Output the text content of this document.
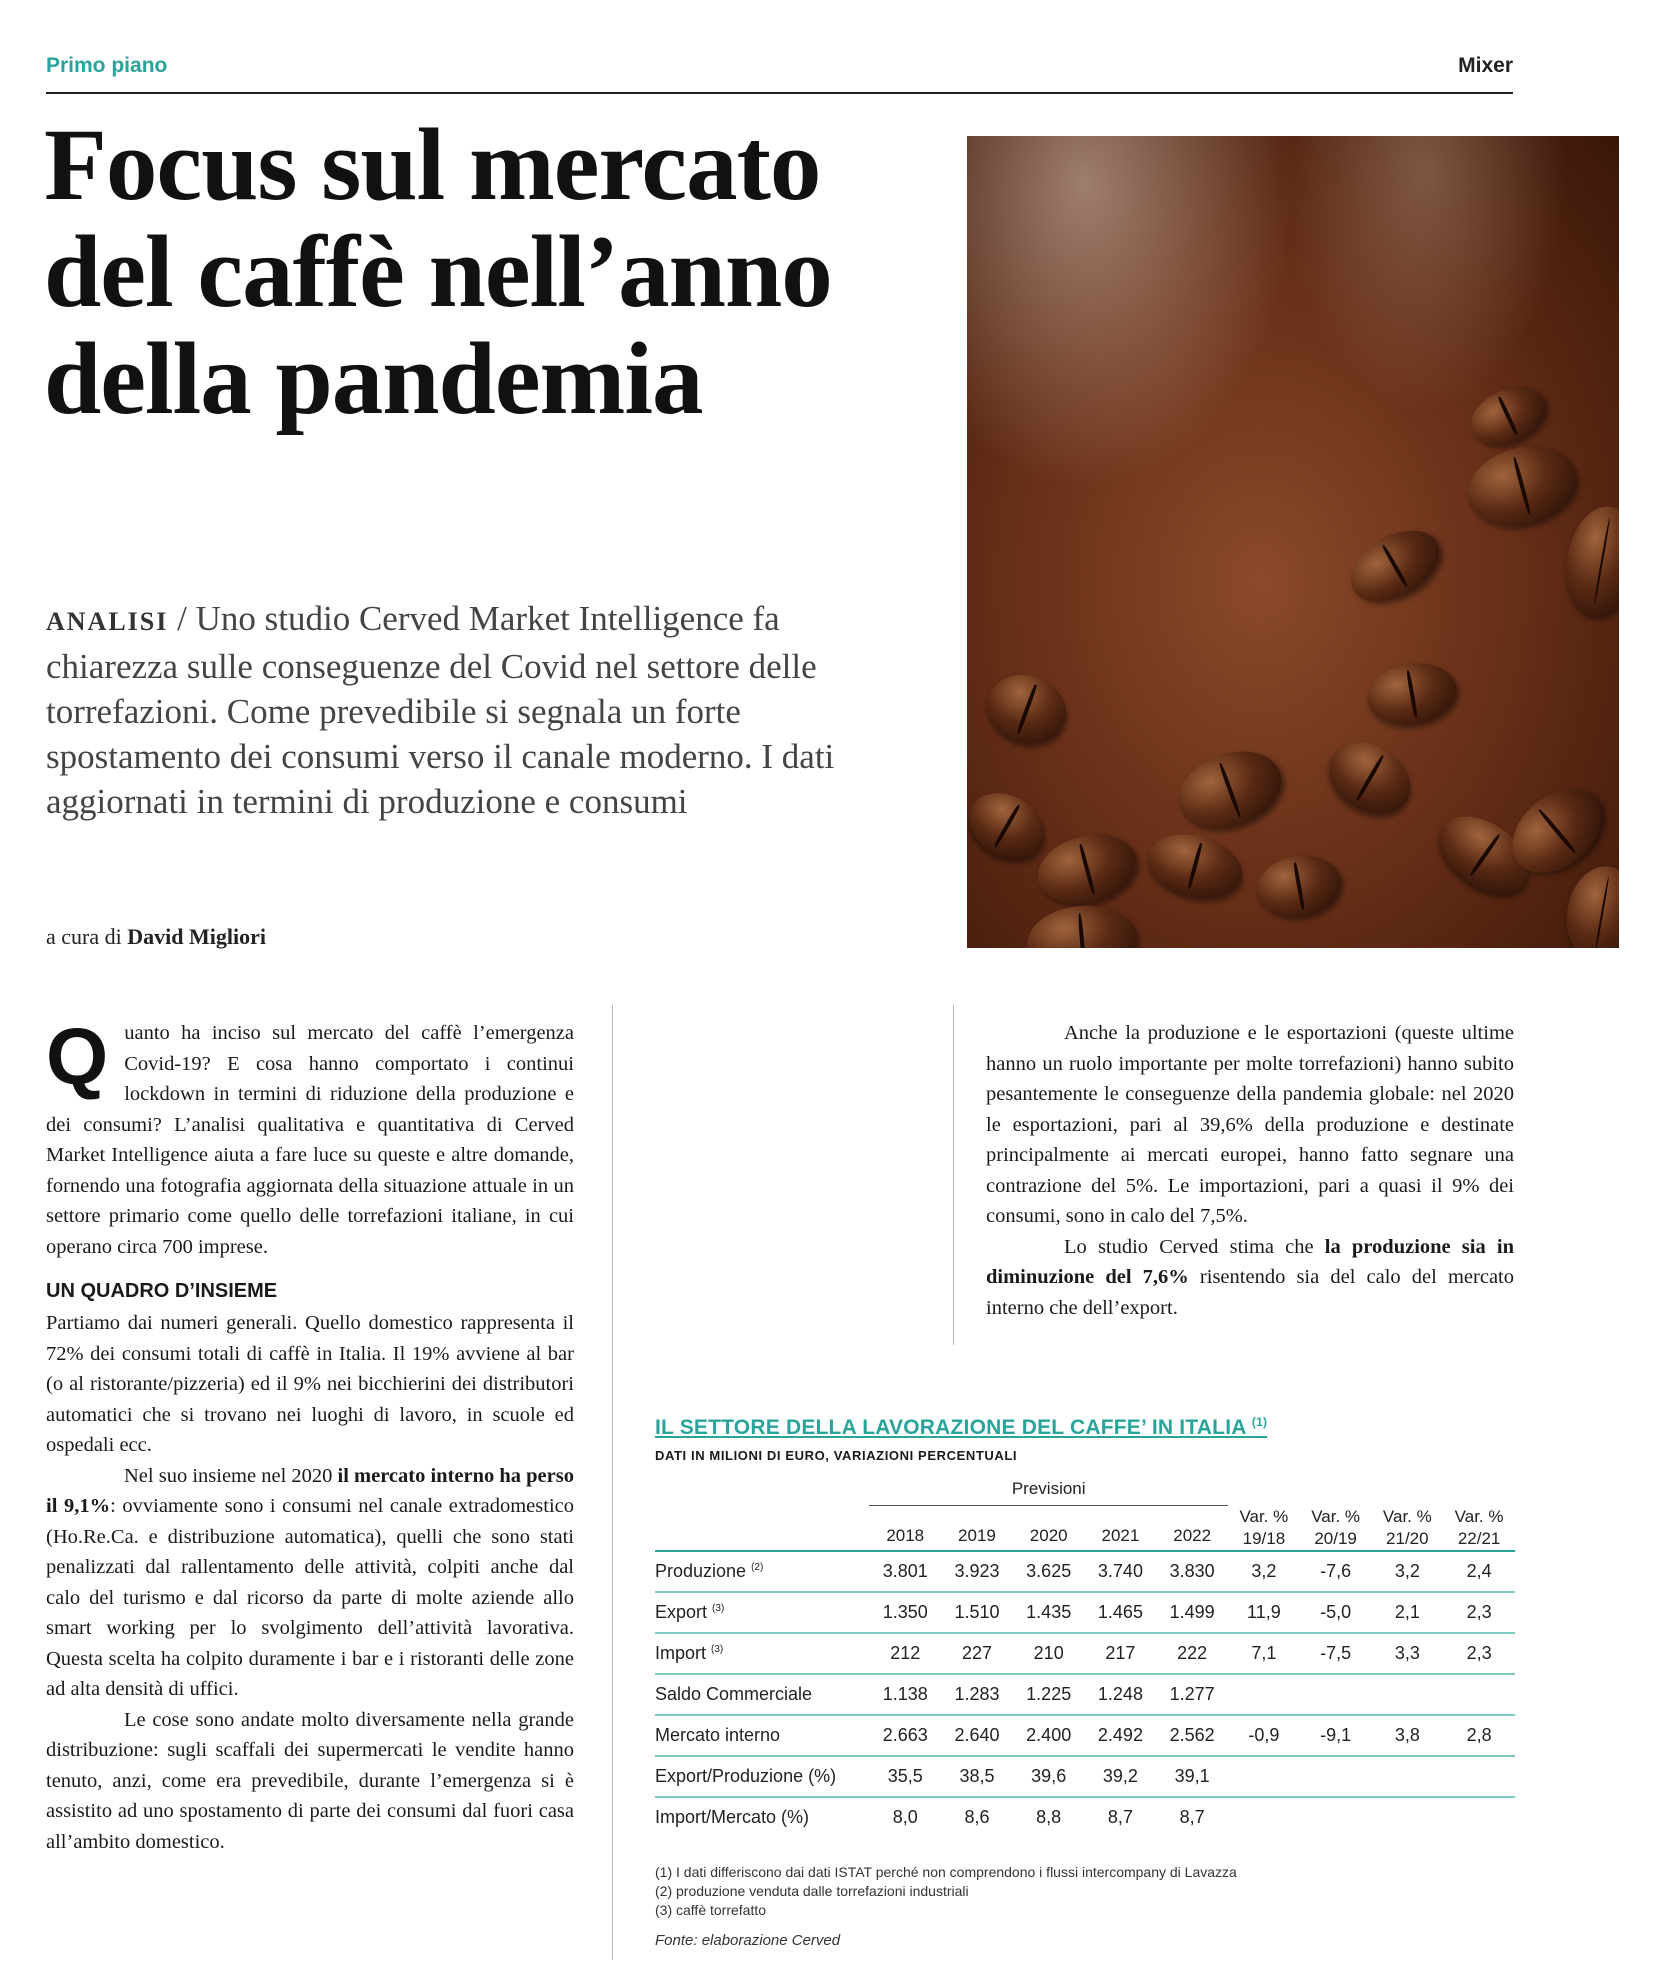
Primo piano	Mixer
Focus sul mercato del caffè nell’anno della pandemia

ANALISI / Uno studio Cerved Market Intelligence fa chiarezza sulle conseguenze del Covid nel settore delle torrefazioni. Come prevedibile si segnala un forte spostamento dei consumi verso il canale moderno. I dati aggiornati in termini di produzione e consumi

a cura di David Migliori
Q uanto ha inciso sul mercato del caffè l’emergenza Covid-19? E cosa hanno comportato i continui lockdown in termini di riduzione della produzione e dei consumi? L’analisi qualitativa e quantitativa di Cerved Market Intelligence aiuta a fare luce su queste e altre domande, fornendo una fotografia aggiornata della situazione attuale in un settore primario come quello delle torrefazioni italiane, in cui operano circa 700 imprese.

UN QUADRO D’INSIEME

Partiamo dai numeri generali. Quello domestico rappresenta il 72% dei consumi totali di caffè in Italia. Il 19% avviene al bar (o al ristorante/pizzeria) ed il 9% nei bicchierini dei distributori automatici che si trovano nei luoghi di lavoro, in scuole ed ospedali ecc.

Nel suo insieme nel 2020 il mercato interno ha perso il 9,1%: ovviamente sono i consumi nel canale extradomestico (Ho.Re.Ca. e distribuzione automatica), quelli che sono stati penalizzati dal rallentamento delle attività, colpiti anche dal calo del turismo e dal ricorso da parte di molte aziende allo smart working per lo svolgimento dell’attività lavorativa. Questa scelta ha colpito duramente i bar e i ristoranti delle zone ad alta densità di uffici.

Le cose sono andate molto diversamente nella grande distribuzione: sugli scaffali dei supermercati le vendite hanno tenuto, anzi, come era prevedibile, durante l’emergenza si è assistito ad uno spostamento di parte dei consumi dal fuori casa all’ambito domestico.

Anche la produzione e le esportazioni (queste ultime hanno un ruolo importante per molte torrefazioni) hanno subito pesantemente le conseguenze della pandemia globale: nel 2020 le esportazioni, pari al 39,6% della produzione e destinate principalmente ai mercati europei, hanno fatto segnare una contrazione del 5%. Le importazioni, pari a quasi il 9% dei consumi, sono in calo del 7,5%.

Lo studio Cerved stima che la produzione sia in diminuzione del 7,6% risentendo sia del calo del mercato interno che dell’export.

IL SETTORE DELLA LAVORAZIONE DEL CAFFE’ IN ITALIA $^{(1)}$

DATI IN MILIONI DI EURO, VARIAZIONI PERCENTUALI

	Previsioni								

	2018	2019	2020	2021	2022	Var. % 19/18	Var. % 20/19	Var. % 21/20	Var. % 22/21
Produzione $^{(2)}$	3.801	3.923	3.625	3.740	3.830	3,2	-7,6	3,2	2,4
Export $^{(3)}$	1.350	1.510	1.435	1.465	1.499	11,9	-5,0	2,1	2,3
Import $^{(3)}$	212	227	210	217	222	7,1	-7,5	3,3	2,3
Saldo Commerciale	1.138	1.283	1.225	1.248	1.277				
Mercato interno	2.663	2.640	2.400	2.492	2.562	-0,9	-9,1	3,8	2,8
Export/Produzione (%)	35,5	38,5	39,6	39,2	39,1				
Import/Mercato (%)	8,0	8,6	8,8	8,7	8,7				
(1) I dati differiscono dai dati ISTAT perché non comprendono i flussi intercompany di Lavazza
(2) produzione venduta dalle torrefazioni industriali
(3) caffè torrefatto
Fonte: elaborazione Cerved
